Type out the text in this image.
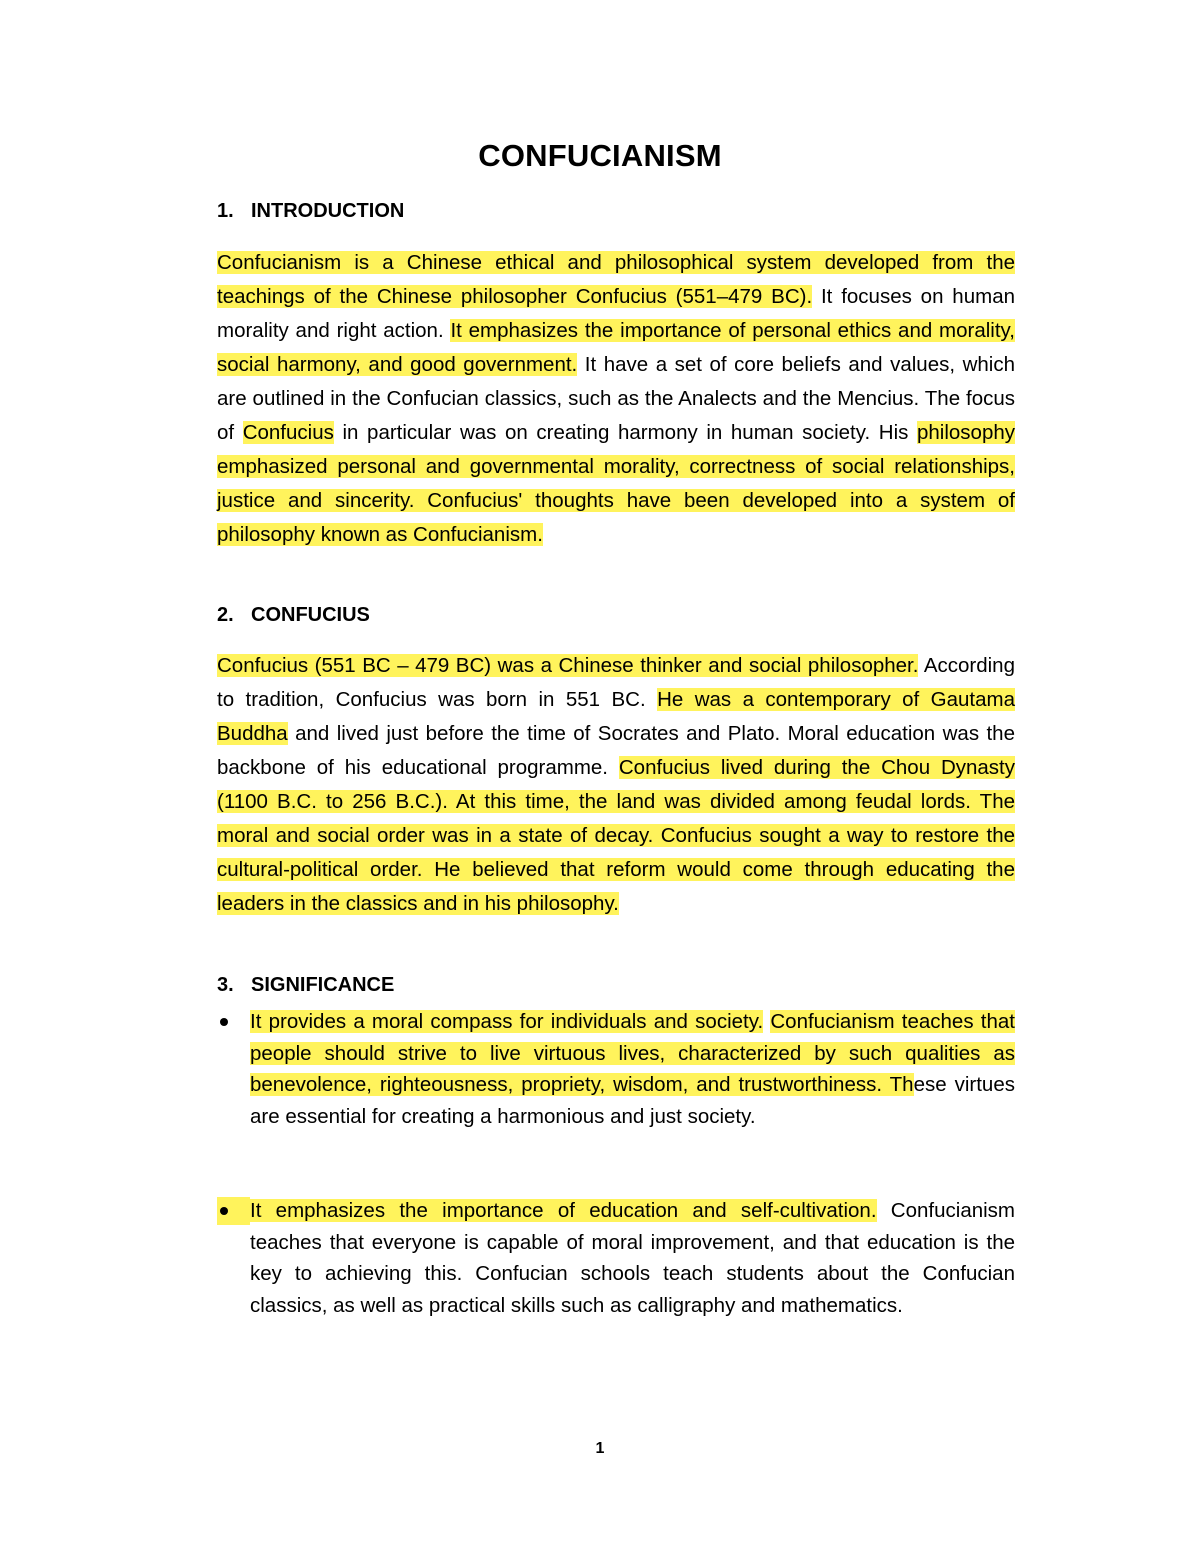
CONFUCIANISM
1. INTRODUCTION
Confucianism is a Chinese ethical and philosophical system developed from the teachings of the Chinese philosopher Confucius (551–479 BC). It focuses on human morality and right action. It emphasizes the importance of personal ethics and morality, social harmony, and good government. It have a set of core beliefs and values, which are outlined in the Confucian classics, such as the Analects and the Mencius. The focus of Confucius in particular was on creating harmony in human society. His philosophy emphasized personal and governmental morality, correctness of social relationships, justice and sincerity. Confucius' thoughts have been developed into a system of philosophy known as Confucianism.
2. CONFUCIUS
Confucius (551 BC – 479 BC) was a Chinese thinker and social philosopher. According to tradition, Confucius was born in 551 BC. He was a contemporary of Gautama Buddha and lived just before the time of Socrates and Plato. Moral education was the backbone of his educational programme. Confucius lived during the Chou Dynasty (1100 B.C. to 256 B.C.). At this time, the land was divided among feudal lords. The moral and social order was in a state of decay. Confucius sought a way to restore the cultural-political order. He believed that reform would come through educating the leaders in the classics and in his philosophy.
3. SIGNIFICANCE
It provides a moral compass for individuals and society. Confucianism teaches that people should strive to live virtuous lives, characterized by such qualities as benevolence, righteousness, propriety, wisdom, and trustworthiness. These virtues are essential for creating a harmonious and just society.
It emphasizes the importance of education and self-cultivation. Confucianism teaches that everyone is capable of moral improvement, and that education is the key to achieving this. Confucian schools teach students about the Confucian classics, as well as practical skills such as calligraphy and mathematics.
1
